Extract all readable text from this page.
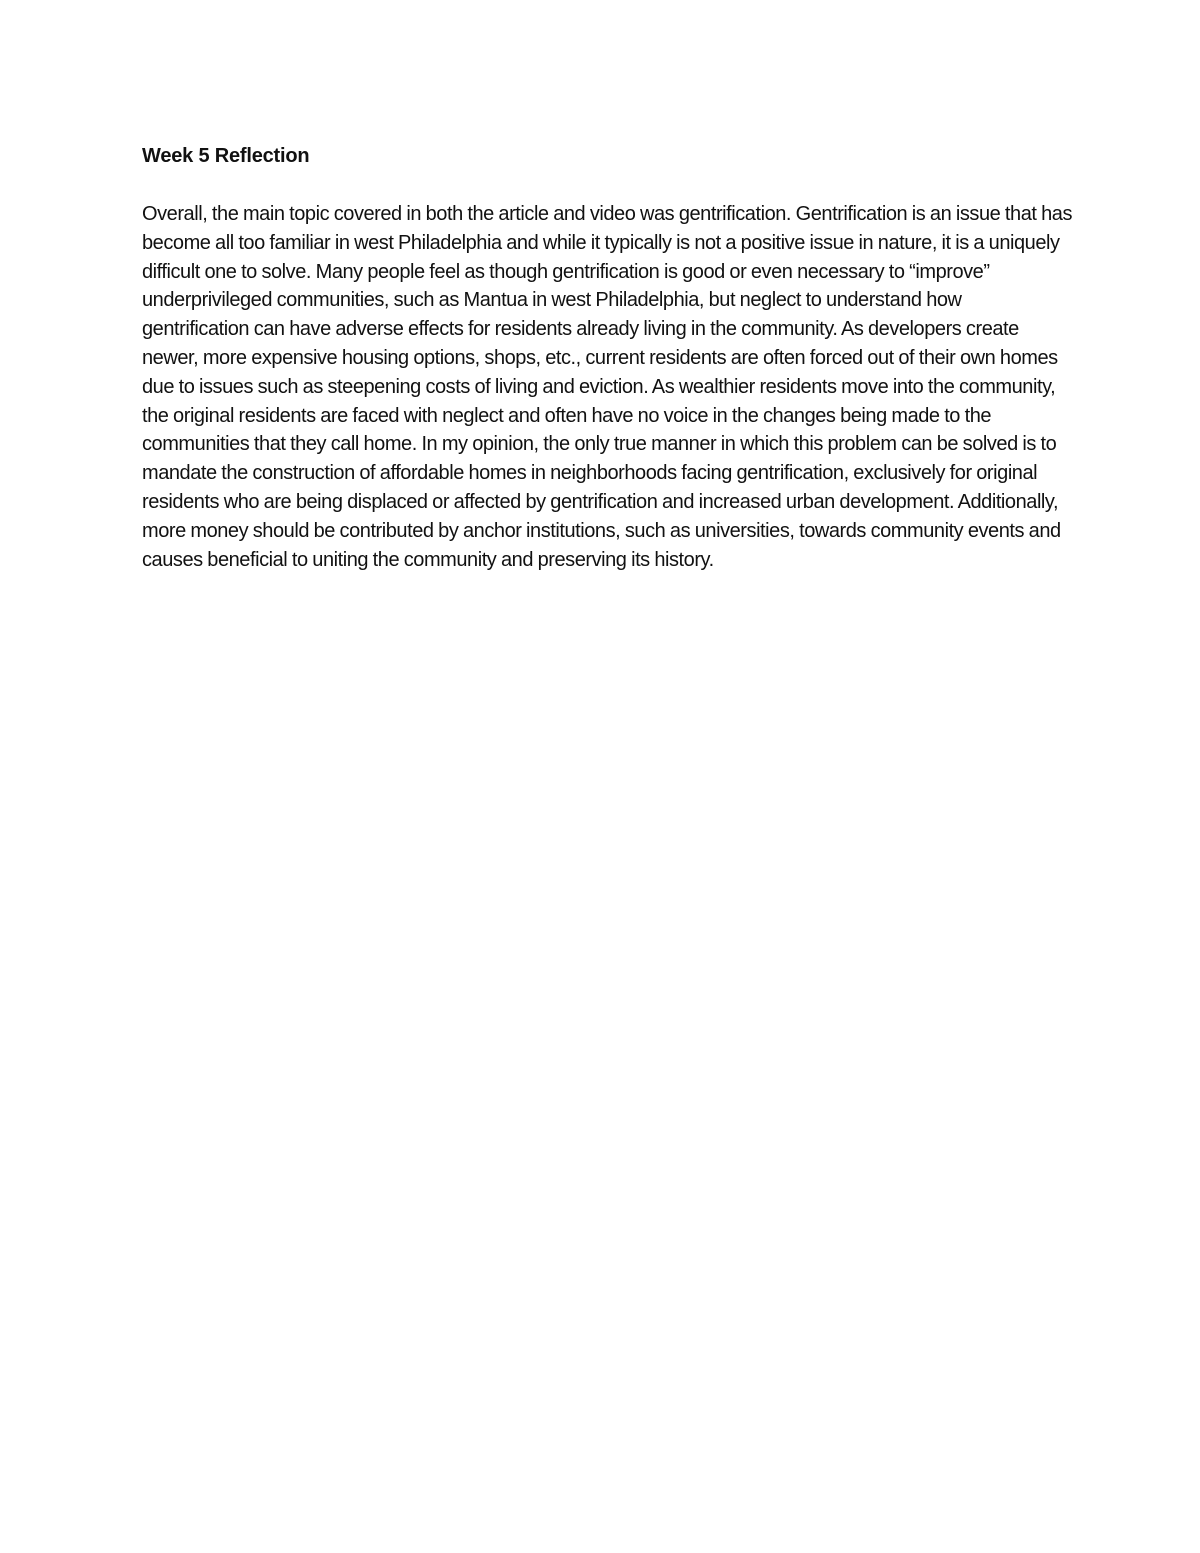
Week 5 Reflection

Overall, the main topic covered in both the article and video was gentrification. Gentrification is an issue that has become all too familiar in west Philadelphia and while it typically is not a positive issue in nature, it is a uniquely difficult one to solve. Many people feel as though gentrification is good or even necessary to “improve” underprivileged communities, such as Mantua in west Philadelphia, but neglect to understand how gentrification can have adverse effects for residents already living in the community. As developers create newer, more expensive housing options, shops, etc., current residents are often forced out of their own homes due to issues such as steepening costs of living and eviction. As wealthier residents move into the community, the original residents are faced with neglect and often have no voice in the changes being made to the communities that they call home. In my opinion, the only true manner in which this problem can be solved is to mandate the construction of affordable homes in neighborhoods facing gentrification, exclusively for original residents who are being displaced or affected by gentrification and increased urban development. Additionally, more money should be contributed by anchor institutions, such as universities, towards community events and causes beneficial to uniting the community and preserving its history.
